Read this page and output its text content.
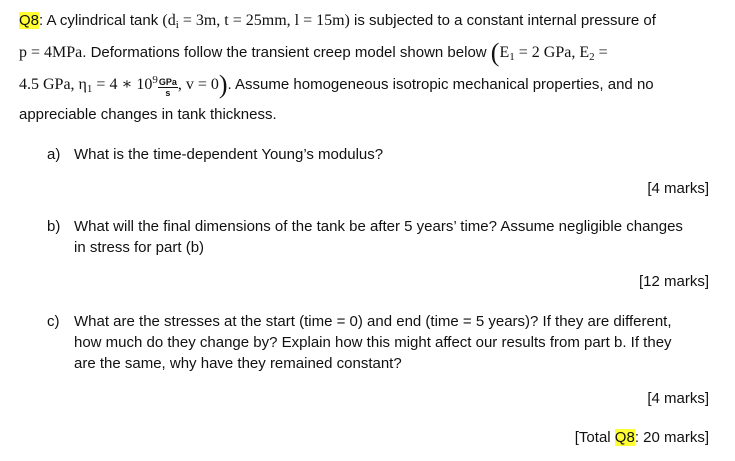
Q8: A cylindrical tank ($d_i = 3m$, t = 25mm, l = 15m) is subjected to a constant internal pressure of
p = 4MPa. Deformations follow the transient creep model shown below ($E_1 = 2$ GPa, $E_2$ =
4.5 GPa, $\eta_1 = 4$ ∗ $10^9 \frac{\text{GPa}}{s}$ , v = 0). Assume homogeneous isotropic mechanical properties, and no
appreciable changes in tank thickness.
a) What is the time-dependent Young’s modulus?
[4 marks]
b) What will the final dimensions of the tank be after 5 years’ time? Assume negligible changes
in stress for part (b)
[12 marks]
c) What are the stresses at the start (time = 0) and end (time = 5 years)? If they are different,
how much do they change by? Explain how this might affect our results from part b. If they
are the same, why have they remained constant?
[4 marks]
[Total Q8: 20 marks]
